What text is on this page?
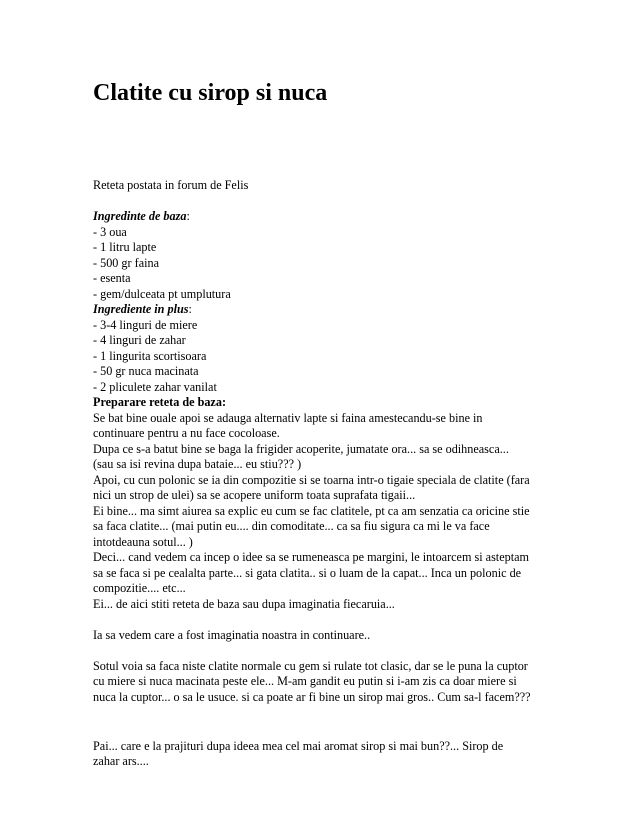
Clatite cu sirop si nuca

Reteta postata in forum de Felis

Ingredinte de baza:

- 3 oua

- 1 litru lapte

- 500 gr faina

- esenta

- gem/dulceata pt umplutura

Ingrediente in plus:

- 3-4 linguri de miere

- 4 linguri de zahar

- 1 lingurita scortisoara

- 50 gr nuca macinata

- 2 pliculete zahar vanilat

Preparare reteta de baza:

Se bat bine ouale apoi se adauga alternativ lapte si faina amestecandu-se bine in

continuare pentru a nu face cocoloase.

Dupa ce s-a batut bine se baga la frigider acoperite, jumatate ora... sa se odihneasca...

(sau sa isi revina dupa bataie... eu stiu??? )

Apoi, cu cun polonic se ia din compozitie si se toarna intr-o tigaie speciala de clatite (fara

nici un strop de ulei) sa se acopere uniform toata suprafata tigaii...

Ei bine... ma simt aiurea sa explic eu cum se fac clatitele, pt ca am senzatia ca oricine stie

sa faca clatite... (mai putin eu.... din comoditate... ca sa fiu sigura ca mi le va face

intotdeauna sotul... )

Deci... cand vedem ca incep o idee sa se rumeneasca pe margini, le intoarcem si asteptam

sa se faca si pe cealalta parte... si gata clatita.. si o luam de la capat... Inca un polonic de

compozitie.... etc...

Ei... de aici stiti reteta de baza sau dupa imaginatia fiecaruia...

Ia sa vedem care a fost imaginatia noastra in continuare..

Sotul voia sa faca niste clatite normale cu gem si rulate tot clasic, dar se le puna la cuptor

cu miere si nuca macinata peste ele... M-am gandit eu putin si i-am zis ca doar miere si

nuca la cuptor... o sa le usuce. si ca poate ar fi bine un sirop mai gros.. Cum sa-l facem???

Pai... care e la prajituri dupa ideea mea cel mai aromat sirop si mai bun??... Sirop de

zahar ars....
